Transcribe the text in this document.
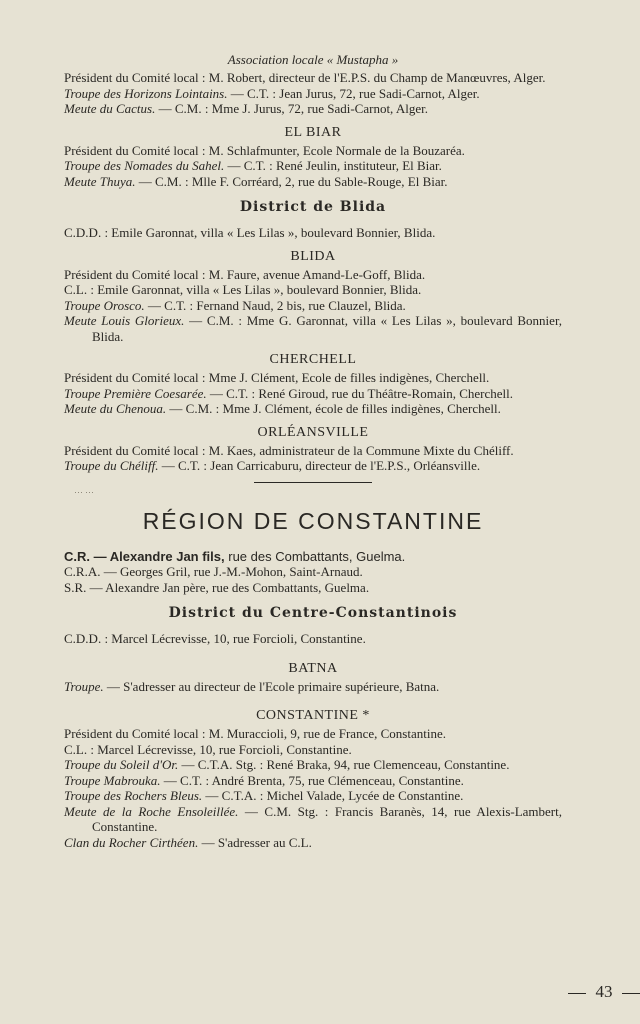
Association locale « Mustapha »

Président du Comité local : M. Robert, directeur de l'E.P.S. du Champ de Manœuvres, Alger.

Troupe des Horizons Lointains. — C.T. : Jean Jurus, 72, rue Sadi-Carnot, Alger.

Meute du Cactus. — C.M. : Mme J. Jurus, 72, rue Sadi-Carnot, Alger.

EL BIAR

Président du Comité local : M. Schlafmunter, Ecole Normale de la Bouzaréa.

Troupe des Nomades du Sahel. — C.T. : René Jeulin, instituteur, El Biar.

Meute Thuya. — C.M. : Mlle F. Corréard, 2, rue du Sable-Rouge, El Biar.

District de Blida

C.D.D. : Emile Garonnat, villa « Les Lilas », boulevard Bonnier, Blida.

BLIDA

Président du Comité local : M. Faure, avenue Amand-Le-Goff, Blida.

C.L. : Emile Garonnat, villa « Les Lilas », boulevard Bonnier, Blida.

Troupe Orosco. — C.T. : Fernand Naud, 2 bis, rue Clauzel, Blida.

Meute Louis Glorieux. — C.M. : Mme G. Garonnat, villa « Les Lilas », boulevard Bonnier, Blida.

CHERCHELL

Président du Comité local : Mme J. Clément, Ecole de filles indigènes, Cherchell.

Troupe Première Coesarée. — C.T. : René Giroud, rue du Théâtre-Romain, Cherchell.

Meute du Chenoua. — C.M. : Mme J. Clément, école de filles indigènes, Cherchell.

ORLÉANSVILLE

Président du Comité local : M. Kaes, administrateur de la Commune Mixte du Chéliff.

Troupe du Chéliff. — C.T. : Jean Carricaburu, directeur de l'E.P.S., Orléansville.

⋯⋯

RÉGION DE CONSTANTINE

C.R. — Alexandre Jan fils, rue des Combattants, Guelma.

C.R.A. — Georges Gril, rue J.-M.-Mohon, Saint-Arnaud.

S.R. — Alexandre Jan père, rue des Combattants, Guelma.

District du Centre-Constantinois

C.D.D. : Marcel Lécrevisse, 10, rue Forcioli, Constantine.

BATNA

Troupe. — S'adresser au directeur de l'Ecole primaire supérieure, Batna.

CONSTANTINE *

Président du Comité local : M. Muraccioli, 9, rue de France, Constantine.

C.L. : Marcel Lécrevisse, 10, rue Forcioli, Constantine.

Troupe du Soleil d'Or. — C.T.A. Stg. : René Braka, 94, rue Clemenceau, Constantine.

Troupe Mabrouka. — C.T. : André Brenta, 75, rue Clémenceau, Constantine.

Troupe des Rochers Bleus. — C.T.A. : Michel Valade, Lycée de Constantine.

Meute de la Roche Ensoleillée. — C.M. Stg. : Francis Baranès, 14, rue Alexis-Lambert, Constantine.

Clan du Rocher Cirthéen. — S'adresser au C.L.

43
